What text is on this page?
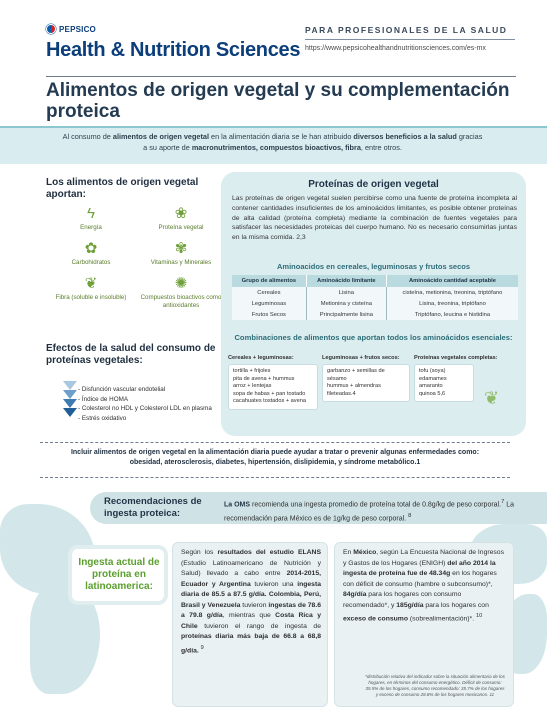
PEPSICO
Health & Nutrition Sciences
PARA PROFESIONALES DE LA SALUD
https://www.pepsicohealthandnutritionsciences.com/es-mx
Alimentos de origen vegetal y su complementación proteica
Al consumo de alimentos de origen vegetal en la alimentación diaria se le han atribuido diversos beneficios a la salud gracias a su aporte de macronutrimentos, compuestos bioactivos, fibra, entre otros.
Los alimentos de origen vegetal aportan:
ϟ
Energía
❀
Proteína vegetal
✿
Carbohidratos
✾
Vitaminas y Minerales
❦
Fibra (soluble e insoluble)
✺
Compuestos bioactivos como antioxidantes
Efectos de la salud del consumo de proteínas vegetales:
- Disfunción vascular endotelial
- Índice de HOMA
- Colesterol no HDL y Colesterol LDL en plasma
- Estrés oxidativo
Proteínas de origen vegetal
Las proteínas de origen vegetal suelen percibirse como una fuente de proteína incompleta al contener cantidades insuficientes de los aminoácidos limitantes, es posible obtener proteínas de alta calidad (proteína completa) mediante la combinación de fuentes vegetales para satisfacer las necesidades proteicas del cuerpo humano. No es necesario consumirlas juntas en la misma comida. 2,3
Aminoacidos en cereales, leguminosas y frutos secos
Grupo de alimentos	Aminoácido limitante	Aminoácido cantidad aceptable
Cereales	Lisina	cisteína, metionina, treonina, triptófano
Leguminosas	Metionina y cisteína	Lisina, treonina, triptófano
Frutos Secos	Principalmente lisina	Triptófano, leucina e histidina
Combinaciones de alimentos que aportan todos los aminoácidos esenciales:
Cereales + leguminosas:
tortilla + frijoles
pita de avena + hummus
arroz + lentejas
sopa de habas + pan tostado
cacahuates tostados + avena
Leguminosas + frutos secos:
garbanzo + semillas de sésamo
hummus + almendras fileteadas.4
Proteínas vegetales completas:
tofu (soya)
edamames
amaranto
quinoa 5,6	❦
Incluir alimentos de origen vegetal en la alimentación diaria puede ayudar a tratar o prevenir algunas enfermedades como: obesidad, aterosclerosis, diabetes, hipertensión, dislipidemia, y síndrome metabólico.1
Recomendaciones de ingesta proteica:
La OMS recomienda una ingesta promedio de proteína total de 0.8g/kg de peso corporal.$^7$ La recomendación para México es de 1g/kg de peso corporal. $^8$
Ingesta actual de proteína en latinoamerica:
Según los resultados del estudio ELANS (Estudio Latinoamericano de Nutrición y Salud) llevado a cabo entre 2014-2015, Ecuador y Argentina tuvieron una ingesta diaria de 85.5 a 87.5 g/día. Colombia, Perú, Brasil y Venezuela tuvieron ingestas de 78.6 a 79.8 g/día, mientras que Costa Rica y Chile tuvieron el rango de ingesta de proteínas diaria más baja de 66.8 a 68,8 g/día. $^9$
En México, según La Encuesta Nacional de Ingresos y Gastos de los Hogares (ENIGH) del año 2014 la ingesta de proteína fue de 48.34g en los hogares con déficit de consumo (hambre o subconsumo)*, 84g/día para los hogares con consumo recomendado*, y 185g/día para los hogares con exceso de consumo (sobrealimentación)*. $^{10}$
*distribución relativa del indicador sobre la situación alimentaria de los hogares, en términos del consumo energético. Déficit de consumo: 35.5% de los hogares, consumo recomendado: 35.7% de los hogares y exceso de consumo 28.8% de los hogares mexicanos. 11
